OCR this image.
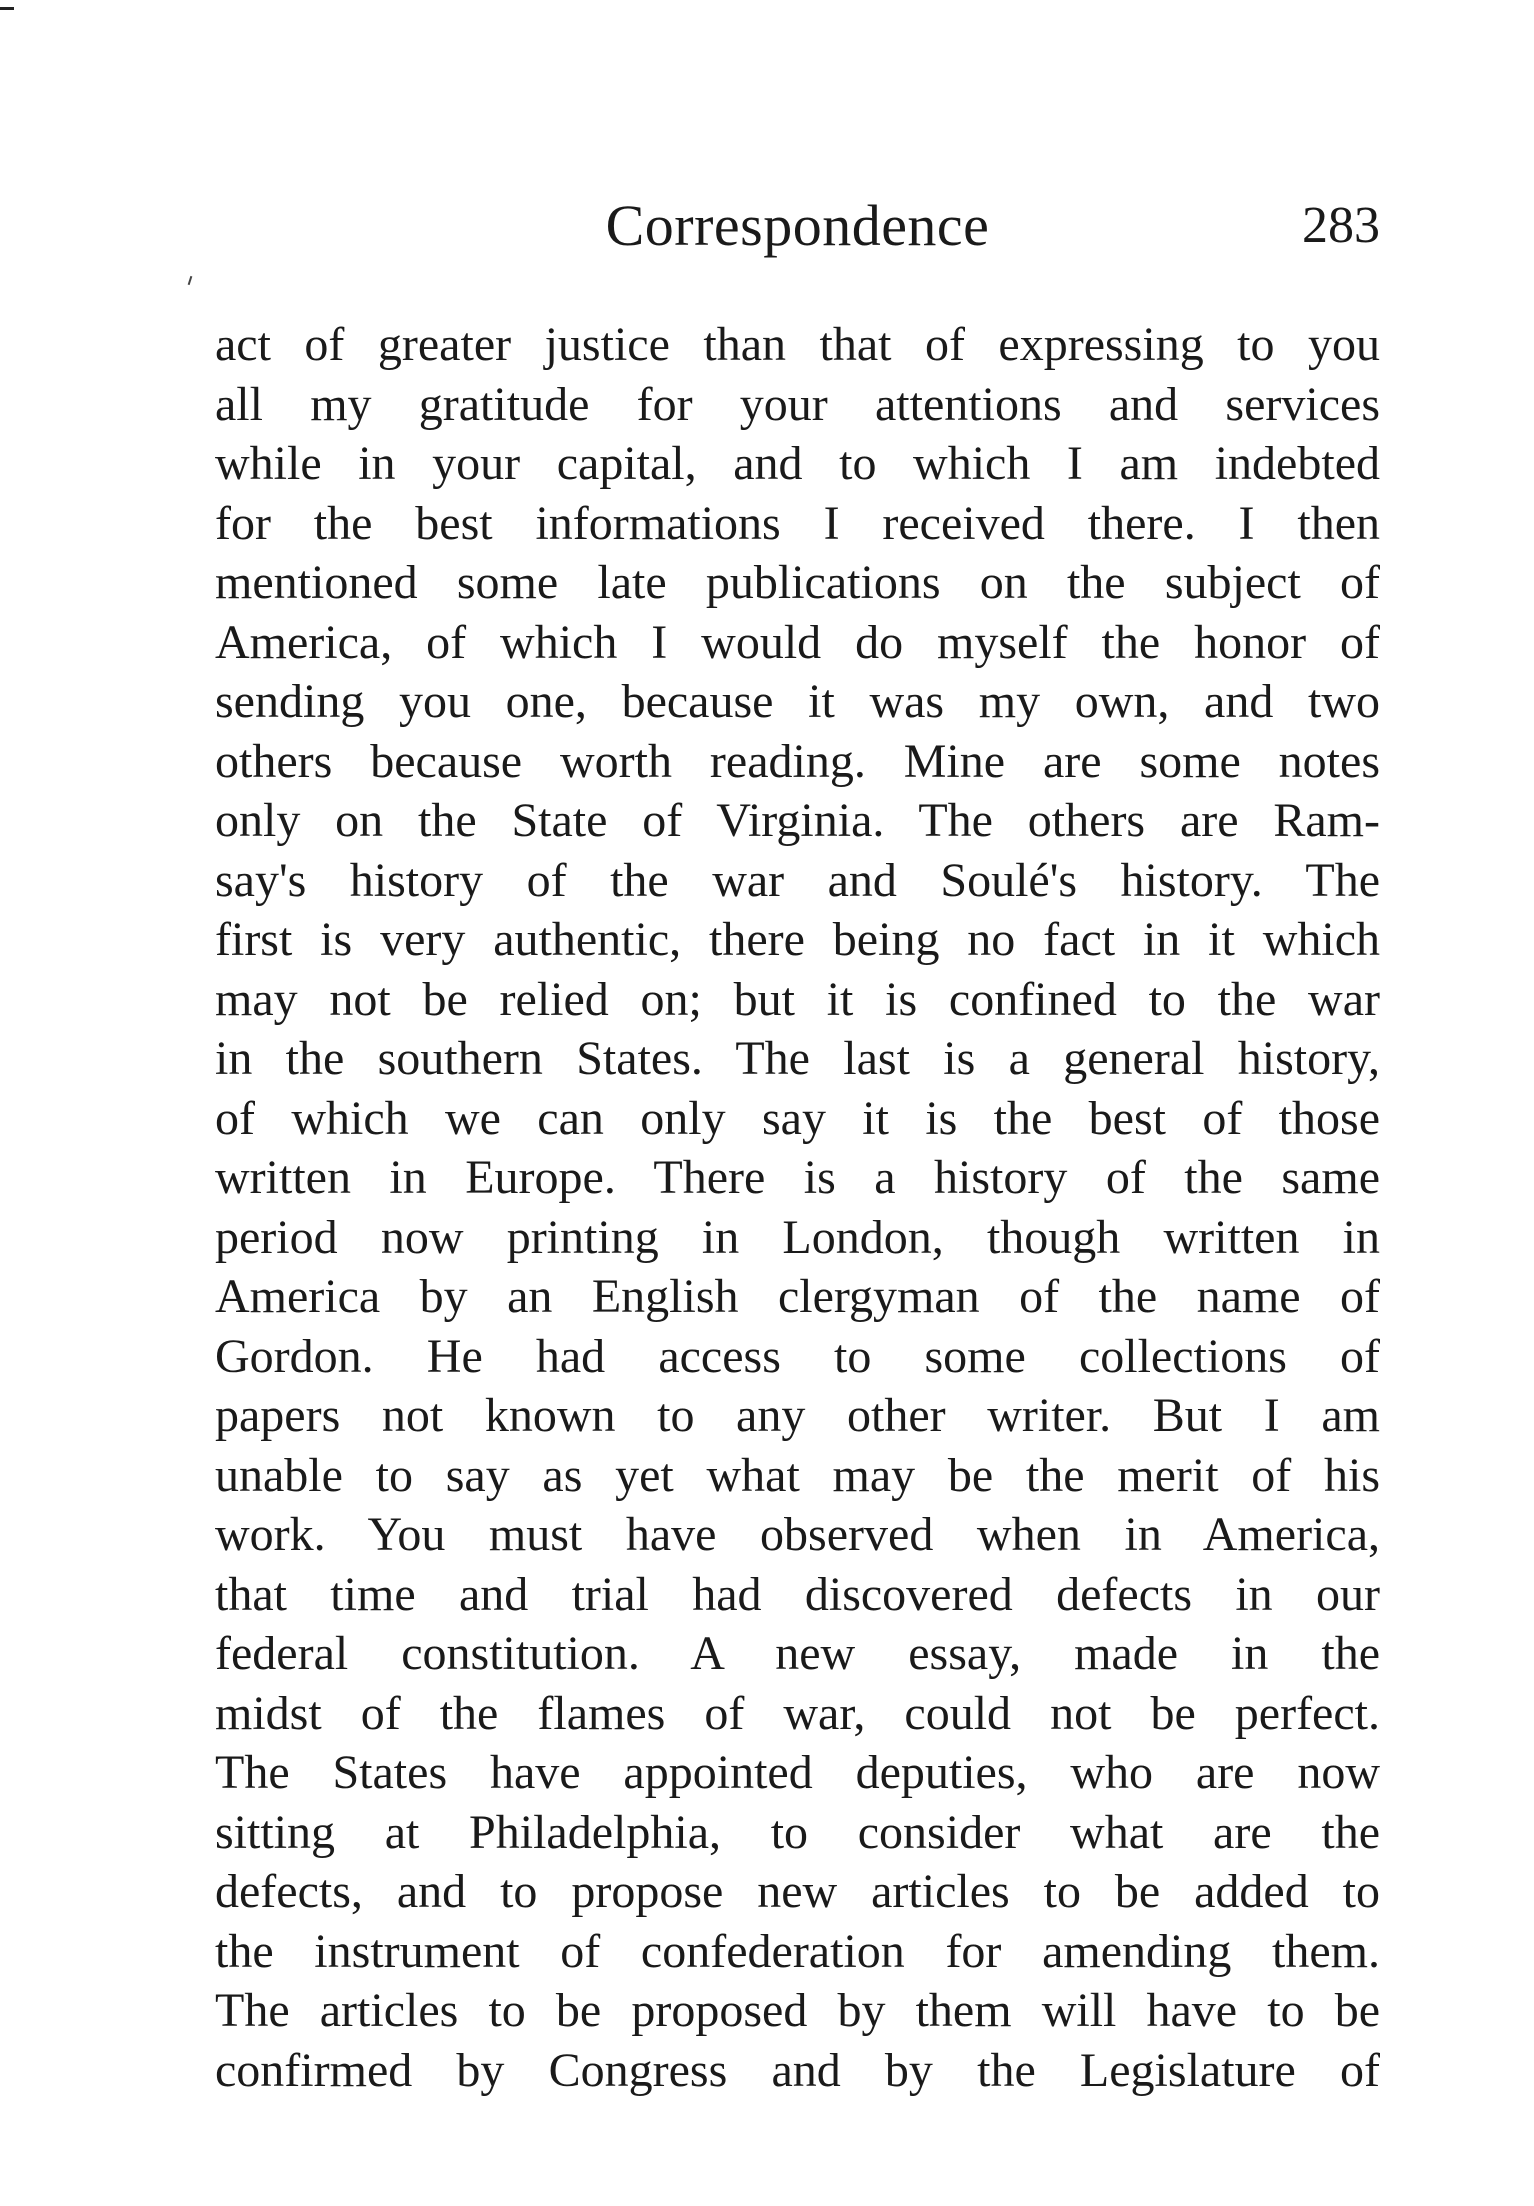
Correspondence	283
act of greater justice than that of expressing to you
all my gratitude for your attentions and services
while in your capital, and to which I am indebted
for the best informations I received there. I then
mentioned some late publications on the subject of
America, of which I would do myself the honor of
sending you one, because it was my own, and two
others because worth reading. Mine are some notes
only on the State of Virginia. The others are Ram-
say's history of the war and Soulé's history. The
first is very authentic, there being no fact in it which
may not be relied on; but it is confined to the war
in the southern States. The last is a general history,
of which we can only say it is the best of those
written in Europe. There is a history of the same
period now printing in London, though written in
America by an English clergyman of the name of
Gordon. He had access to some collections of
papers not known to any other writer. But I am
unable to say as yet what may be the merit of his
work. You must have observed when in America,
that time and trial had discovered defects in our
federal constitution. A new essay, made in the
midst of the flames of war, could not be perfect.
The States have appointed deputies, who are now
sitting at Philadelphia, to consider what are the
defects, and to propose new articles to be added to
the instrument of confederation for amending them.
The articles to be proposed by them will have to be
confirmed by Congress and by the Legislature of
